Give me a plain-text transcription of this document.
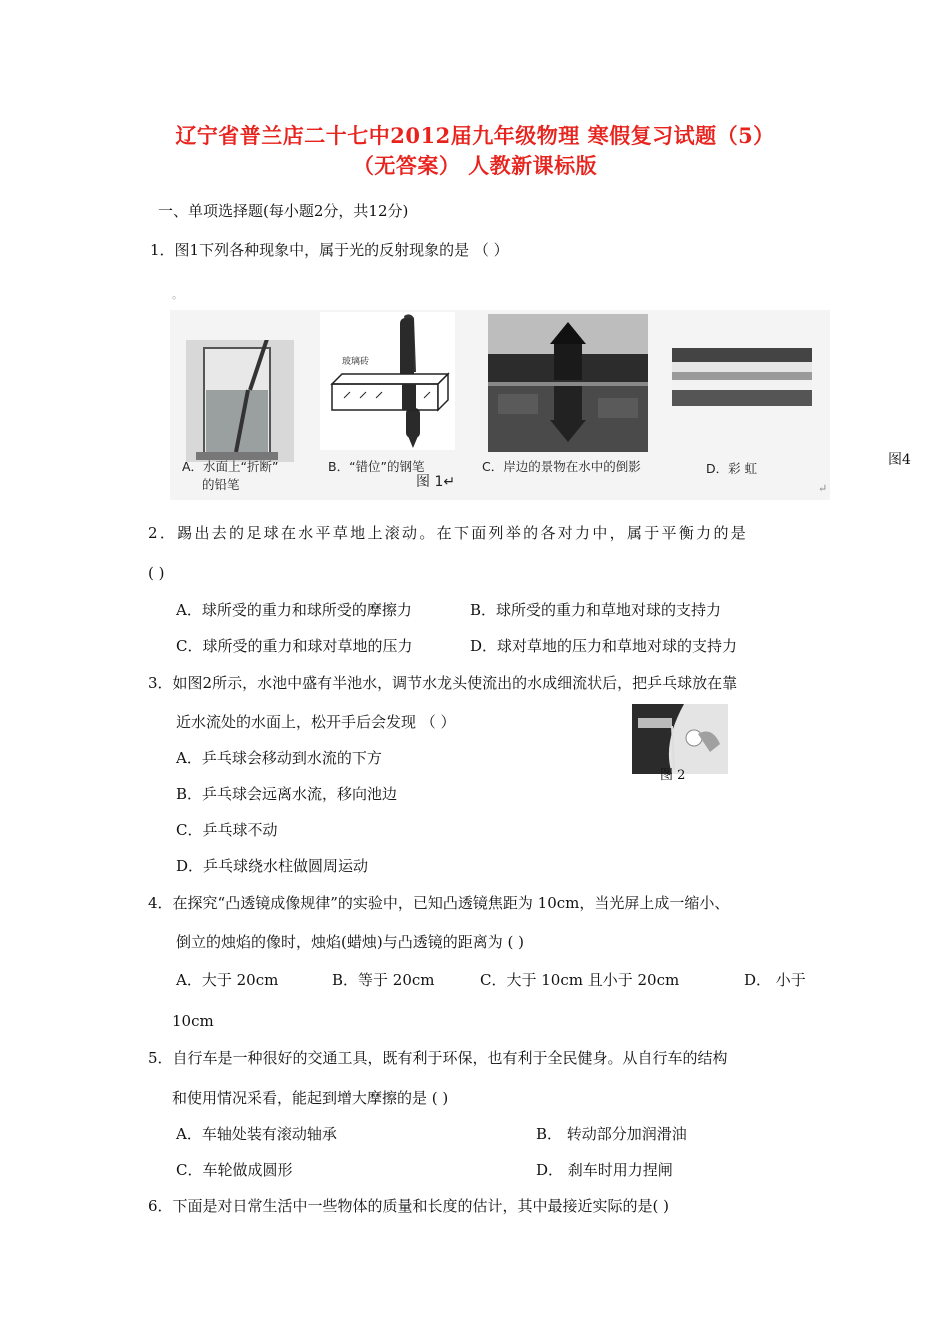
辽宁省普兰店二十七中2012届九年级物理 寒假复习试题（5）
（无答案） 人教新课标版
一、单项选择题(每小题2分，共12分)
1．图1下列各种现象中，属于光的反射现象的是 （ ）
。
A．水面上“折断”
的铅笔
玻璃砖
B．“错位”的钢笔
图 1↵
C．岸边的景物在水中的倒影	D．彩 虹
↵
图4
2．踢出去的足球在水平草地上滚动。在下面列举的各对力中，属于平衡力的是
( )
A．球所受的重力和球所受的摩擦力	B．球所受的重力和草地对球的支持力
C．球所受的重力和球对草地的压力	D．球对草地的压力和草地对球的支持力
3．如图2所示，水池中盛有半池水，调节水龙头使流出的水成细流状后，把乒乓球放在靠
近水流处的水面上，松开手后会发现 （ ）
图 2
A．乒乓球会移动到水流的下方
B．乒乓球会远离水流，移向池边
C．乒乓球不动
D．乒乓球绕水柱做圆周运动
4．在探究“凸透镜成像规律”的实验中，已知凸透镜焦距为 10cm，当光屏上成一缩小、
倒立的烛焰的像时，烛焰(蜡烛)与凸透镜的距离为 ( )
A．大于 20cm	B．等于 20cm	C．大于 10cm 且小于 20cm	D． 小于
10cm
5．自行车是一种很好的交通工具，既有利于环保，也有利于全民健身。从自行车的结构
和使用情况采看，能起到增大摩擦的是 ( )
A．车轴处装有滚动轴承	B． 转动部分加润滑油
C．车轮做成圆形	D． 刹车时用力捏闸
6．下面是对日常生活中一些物体的质量和长度的估计，其中最接近实际的是( )
